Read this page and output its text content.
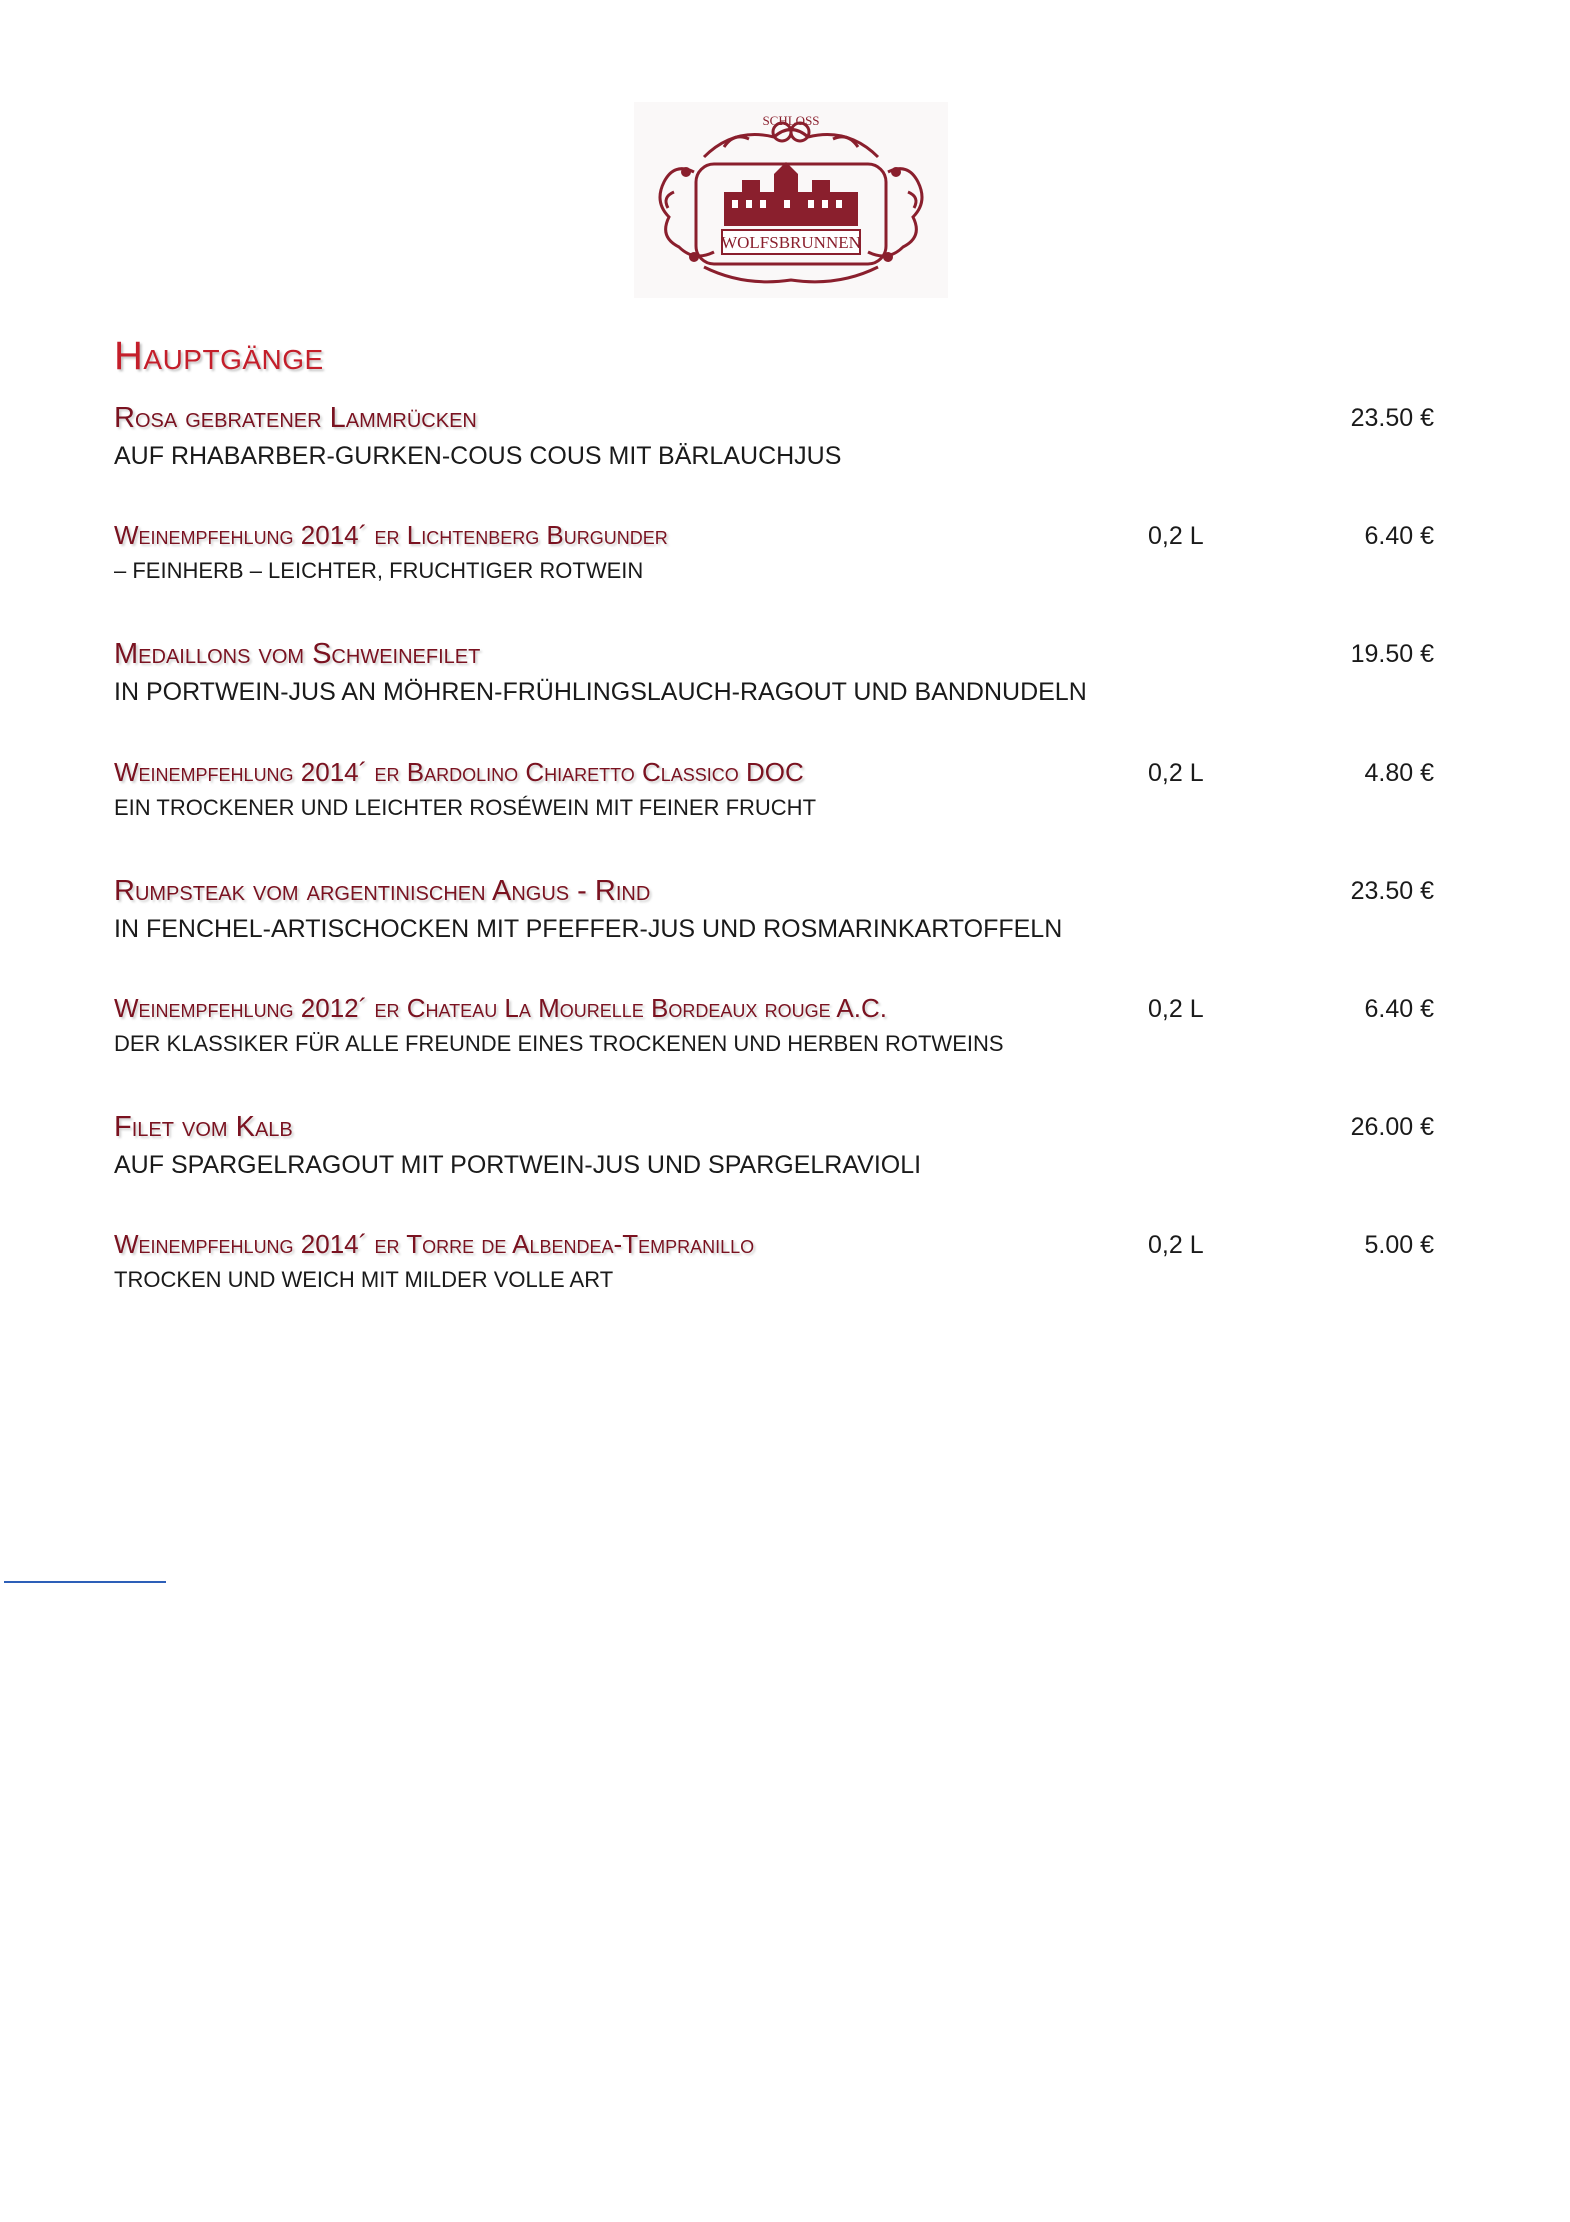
SCHLOSS
WOLFSBRUNNEN
Hauptgänge
Rosa gebratener Lammrücken	23.50 €
AUF RHABARBER-GURKEN-COUS COUS MIT BÄRLAUCHJUS
Weinempfehlung 2014´ er Lichtenberg Burgunder	0,2 L	6.40 €
– FEINHERB – LEICHTER, FRUCHTIGER ROTWEIN
Medaillons vom Schweinefilet	19.50 €
IN PORTWEIN-JUS AN MÖHREN-FRÜHLINGSLAUCH-RAGOUT UND BANDNUDELN
Weinempfehlung 2014´ er Bardolino Chiaretto Classico DOC	0,2 L	4.80 €
EIN TROCKENER UND LEICHTER ROSÉWEIN MIT FEINER FRUCHT
Rumpsteak vom argentinischen Angus - Rind	23.50 €
IN FENCHEL-ARTISCHOCKEN MIT PFEFFER-JUS UND ROSMARINKARTOFFELN
Weinempfehlung 2012´ er Chateau La Mourelle Bordeaux rouge A.C.	0,2 L	6.40 €
DER KLASSIKER FÜR ALLE FREUNDE EINES TROCKENEN UND HERBEN ROTWEINS
Filet vom Kalb	26.00 €
AUF SPARGELRAGOUT MIT PORTWEIN-JUS UND SPARGELRAVIOLI
Weinempfehlung 2014´ er Torre de Albendea-Tempranillo	0,2 L	5.00 €
TROCKEN UND WEICH MIT MILDER VOLLE ART
